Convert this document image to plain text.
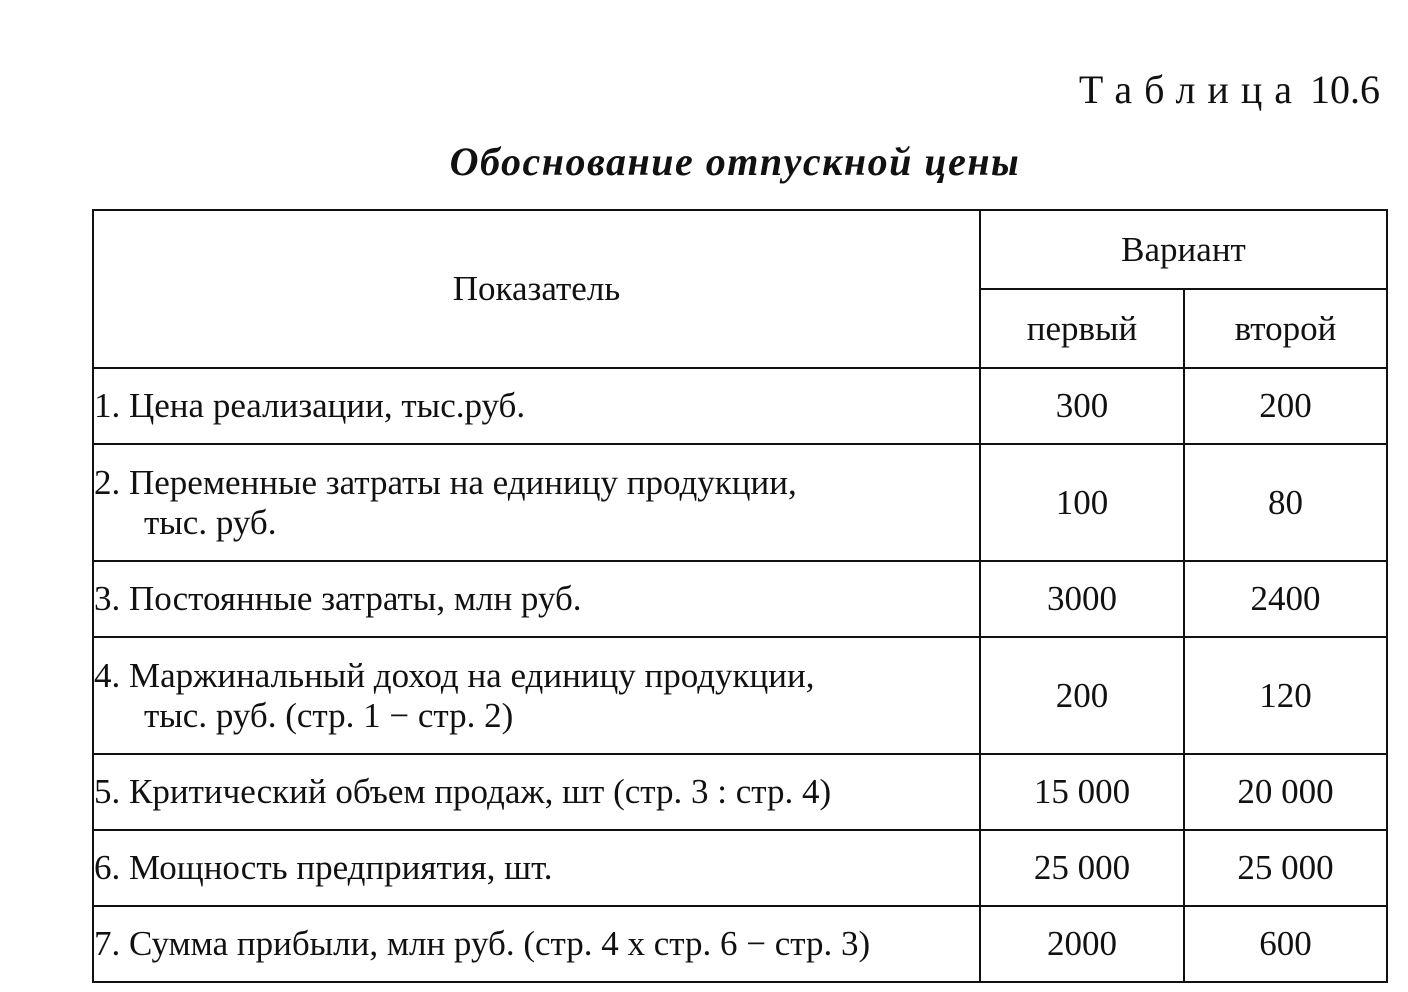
Таблица 10.6
Обоснование отпускной цены
Показатель	Вариант	
	первый	второй
1. Цена реализации, тыс.руб.	300	200
2. Переменные затраты на единицу продукции,
тыс. руб.	100	80
3. Постоянные затраты, млн руб.	3000	2400
4. Маржинальный доход на единицу продукции,
тыс. руб. (стр. 1 − стр. 2)	200	120
5. Критический объем продаж, шт (стр. 3 : стр. 4)	15 000	20 000
6. Мощность предприятия, шт.	25 000	25 000
7. Сумма прибыли, млн руб. (стр. 4 x стр. 6 − стр. 3)	2000	600
